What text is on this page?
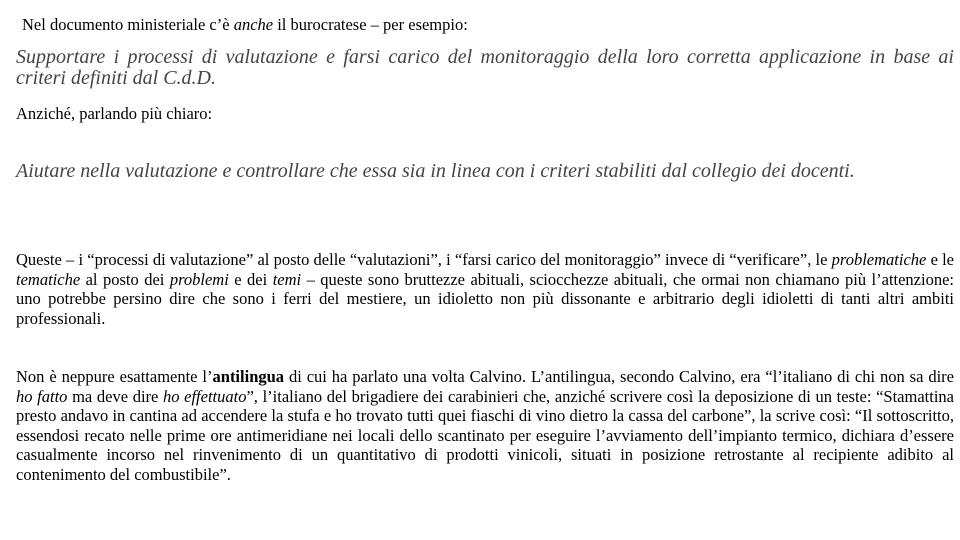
Nel documento ministeriale c’è anche il burocratese – per esempio:

Supportare i processi di valutazione e farsi carico del monitoraggio della loro corretta applicazione in base ai criteri definiti dal C.d.D.

Anziché, parlando più chiaro:

Aiutare nella valutazione e controllare che essa sia in linea con i criteri stabiliti dal collegio dei docenti.

Queste – i “processi di valutazione” al posto delle “valutazioni”, i “farsi carico del monitoraggio” invece di “verificare”, le problematiche e le tematiche al posto dei problemi e dei temi – queste sono bruttezze abituali, sciocchezze abituali, che ormai non chiamano più l’attenzione: uno potrebbe persino dire che sono i ferri del mestiere, un idioletto non più dissonante e arbitrario degli idioletti di tanti altri ambiti professionali.

Non è neppure esattamente l’antilingua di cui ha parlato una volta Calvino. L’antilingua, secondo Calvino, era “l’italiano di chi non sa dire ho fatto ma deve dire ho effettuato”, l’italiano del brigadiere dei carabinieri che, anziché scrivere così la deposizione di un teste: “Stamattina presto andavo in cantina ad accendere la stufa e ho trovato tutti quei fiaschi di vino dietro la cassa del carbone”, la scrive così: “Il sottoscritto, essendosi recato nelle prime ore antimeridiane nei locali dello scantinato per eseguire l’avviamento dell’impianto termico, dichiara d’essere casualmente incorso nel rinvenimento di un quantitativo di prodotti vinicoli, situati in posizione retrostante al recipiente adibito al contenimento del combustibile”.
